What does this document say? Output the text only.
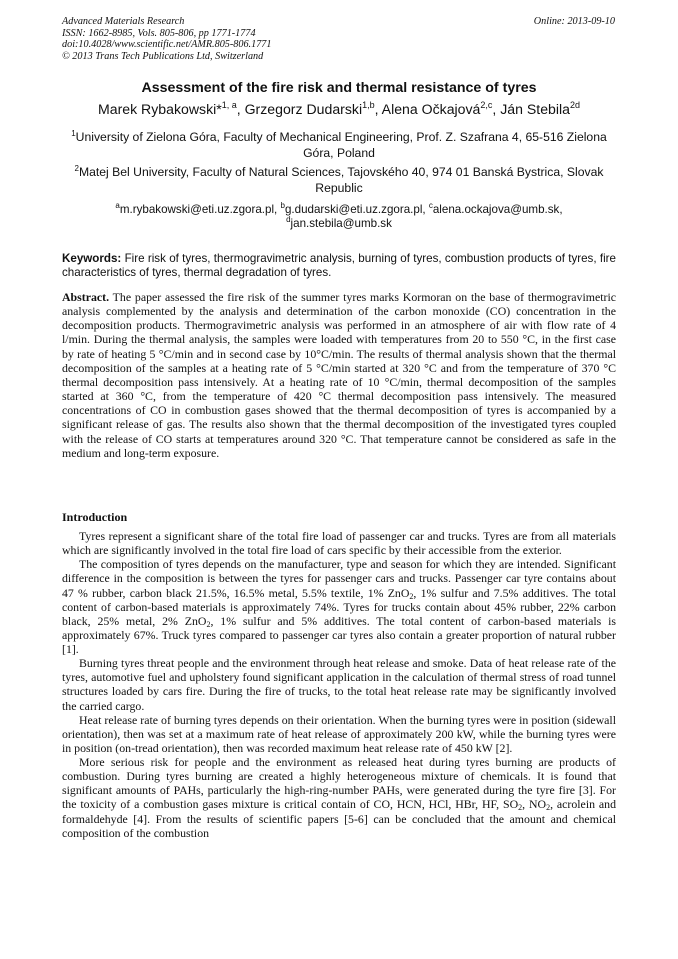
Advanced Materials Research
ISSN: 1662-8985, Vols. 805-806, pp 1771-1774
doi:10.4028/www.scientific.net/AMR.805-806.1771
© 2013 Trans Tech Publications Ltd, Switzerland
Online: 2013-09-10
Assessment of the fire risk and thermal resistance of tyres
Marek Rybakowski*$^{1, a}$, Grzegorz Dudarski$^{1,b}$, Alena Očkajová$^{2,c}$, Ján Stebila$^{2d}$
$^1$University of Zielona Góra, Faculty of Mechanical Engineering, Prof. Z. Szafrana 4, 65-516 Zielona Góra, Poland
$^2$Matej Bel University, Faculty of Natural Sciences, Tajovského 40, 974 01 Banská Bystrica, Slovak Republic
$^a$m.rybakowski@eti.uz.zgora.pl, $^b$g.dudarski@eti.uz.zgora.pl, $^c$alena.ockajova@umb.sk,
$^d$jan.stebila@umb.sk
Keywords: Fire risk of tyres, thermogravimetric analysis, burning of tyres, combustion products of tyres, fire characteristics of tyres, thermal degradation of tyres.
Abstract. The paper assessed the fire risk of the summer tyres marks Kormoran on the base of thermogravimetric analysis complemented by the analysis and determination of the carbon monoxide (CO) concentration in the decomposition products. Thermogravimetric analysis was performed in an atmosphere of air with flow rate of 4 l/min. During the thermal analysis, the samples were loaded with temperatures from 20 to 550 °C, in the first case by rate of heating 5 °C/min and in second case by 10°C/min. The results of thermal analysis shown that the thermal decomposition of the samples at a heating rate of 5 °C/min started at 320 °C and from the temperature of 370 °C thermal decomposition pass intensively. At a heating rate of 10 °C/min, thermal decomposition of the samples started at 360 °C, from the temperature of 420 °C thermal decomposition pass intensively. The measured concentrations of CO in combustion gases showed that the thermal decomposition of tyres is accompanied by a significant release of gas. The results also shown that the thermal decomposition of the investigated tyres coupled with the release of CO starts at temperatures around 320 °C. That temperature cannot be considered as safe in the medium and long-term exposure.
Introduction

Tyres represent a significant share of the total fire load of passenger car and trucks. Tyres are from all materials which are significantly involved in the total fire load of cars specific by their accessible from the exterior.

The composition of tyres depends on the manufacturer, type and season for which they are intended. Significant difference in the composition is between the tyres for passenger cars and trucks. Passenger car tyre contains about 47 % rubber, carbon black 21.5%, 16.5% metal, 5.5% textile, 1% ZnO$_2$, 1% sulfur and 7.5% additives. The total content of carbon-based materials is approximately 74%. Tyres for trucks contain about 45% rubber, 22% carbon black, 25% metal, 2% ZnO$_2$, 1% sulfur and 5% additives. The total content of carbon-based materials is approximately 67%. Truck tyres compared to passenger car tyres also contain a greater proportion of natural rubber [1].

Burning tyres threat people and the environment through heat release and smoke. Data of heat release rate of the tyres, automotive fuel and upholstery found significant application in the calculation of thermal stress of road tunnel structures loaded by cars fire. During the fire of trucks, to the total heat release rate may be significantly involved the carried cargo.

Heat release rate of burning tyres depends on their orientation. When the burning tyres were in position (sidewall orientation), then was set at a maximum rate of heat release of approximately 200 kW, while the burning tyres were in position (on-tread orientation), then was recorded maximum heat release rate of 450 kW [2].

More serious risk for people and the environment as released heat during tyres burning are products of combustion. During tyres burning are created a highly heterogeneous mixture of chemicals. It is found that significant amounts of PAHs, particularly the high-ring-number PAHs, were generated during the tyre fire [3]. For the toxicity of a combustion gases mixture is critical contain of CO, HCN, HCl, HBr, HF, $SO_2$, $NO_2$, acrolein and formaldehyde [4]. From the results of scientific papers [5-6] can be concluded that the amount and chemical composition of the combustion
